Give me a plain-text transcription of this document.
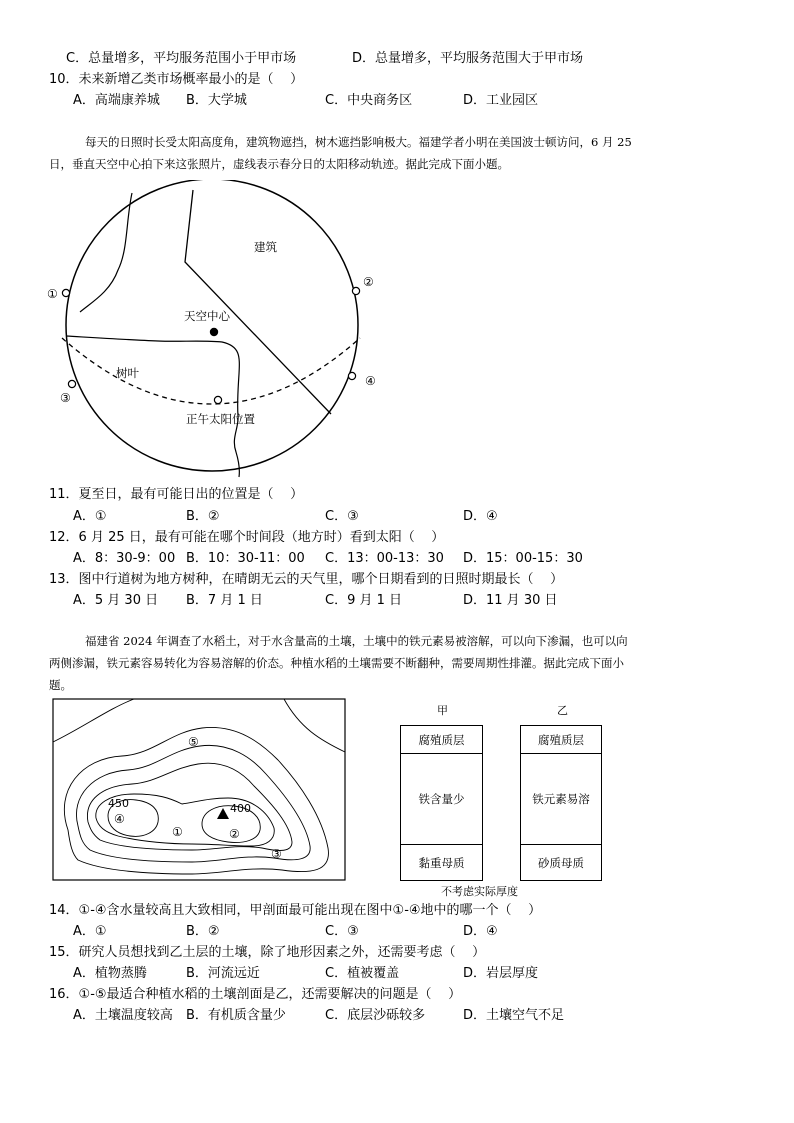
C．总量增多，平均服务范围小于甲市场	D．总量增多，平均服务范围大于甲市场
10．未来新增乙类市场概率最小的是（    ）
A．高端康养城 B．大学城	C．中央商务区	D．工业园区
每天的日照时长受太阳高度角，建筑物遮挡，树木遮挡影响极大。福建学者小明在美国波士顿访问，6 月 25
日，垂直天空中心拍下来这张照片，虚线表示春分日的太阳移动轨迹。据此完成下面小题。
建筑
天空中心
树叶
正午太阳位置
①
②
③
④
11．夏至日，最有可能日出的位置是（    ）
A．①	B．②	C．③	D．④
12．6 月 25 日，最有可能在哪个时间段（地方时）看到太阳（    ）
A．8：30-9：00 B．10：30-11：00 C．13：00-13：30 D．15：00-15：30
13．图中行道树为地方树种，在晴朗无云的天气里，哪个日期看到的日照时期最长（    ）
A．5 月 30 日 B．7 月 1 日	C．9 月 1 日	D．11 月 30 日
福建省 2024 年调查了水稻土，对于水含量高的土壤，土壤中的铁元素易被溶解，可以向下渗漏，也可以向
两侧渗漏，铁元素容易转化为容易溶解的价态。种植水稻的土壤需要不断翻种，需要周期性排灌。据此完成下面小
题。
450	400
④
①	②
③
⑤
甲
腐殖质层
铁含量少
黏重母质
乙
腐殖质层
铁元素易溶
砂质母质
不考虑实际厚度
14．①-④含水量较高且大致相同，甲剖面最可能出现在图中①-④地中的哪一个（    ）
A．①	B．②	C．③	D．④
15．研究人员想找到乙土层的土壤，除了地形因素之外，还需要考虑（    ）
A．植物蒸腾	B．河流远近	C．植被覆盖	D．岩层厚度
16．①-⑤最适合种植水稻的土壤剖面是乙，还需要解决的问题是（    ）
A．土壤温度较高 B．有机质含量少	C．底层沙砾较多	D．土壤空气不足
